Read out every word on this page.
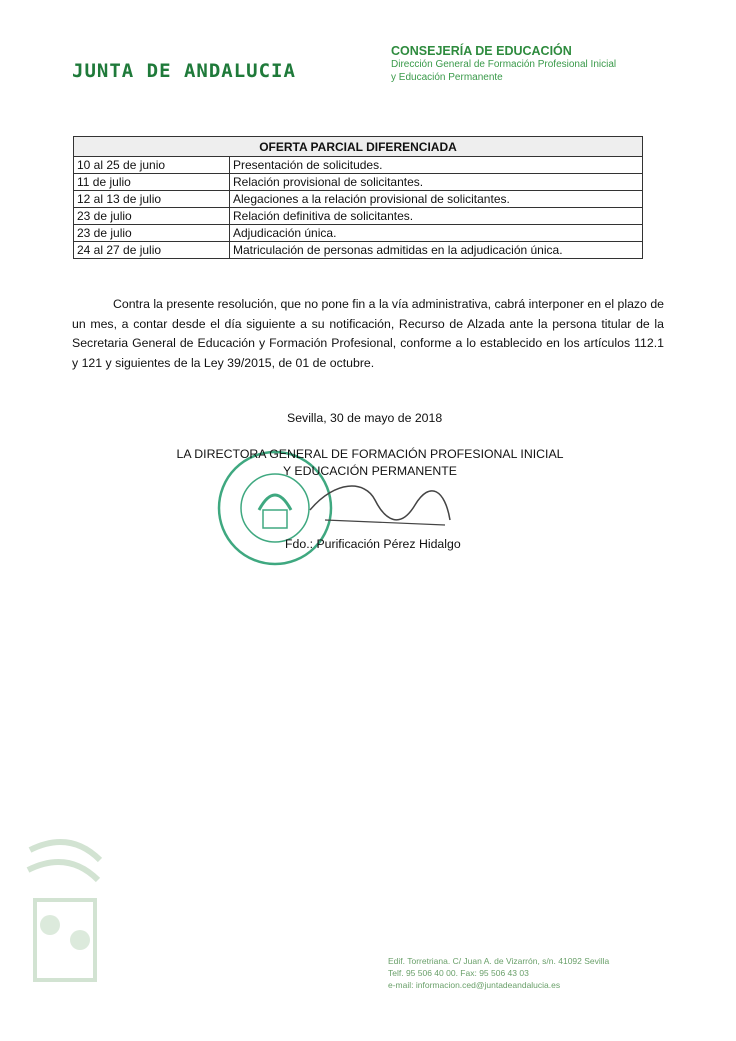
JUNTA DE ANDALUCIA
CONSEJERÍA DE EDUCACIÓN
Dirección General de Formación Profesional Inicial
y Educación Permanente
OFERTA PARCIAL DIFERENCIADA	
10 al 25 de junio	Presentación de solicitudes.
11 de julio	Relación provisional de solicitantes.
12 al 13 de julio	Alegaciones a la relación provisional de solicitantes.
23 de julio	Relación definitiva de solicitantes.
23 de julio	Adjudicación única.
24 al 27 de julio	Matriculación de personas admitidas en la adjudicación única.
Contra la presente resolución, que no pone fin a la vía administrativa, cabrá interponer en el plazo de un mes, a contar desde el día siguiente a su notificación, Recurso de Alzada ante la persona titular de la Secretaria General de Educación y Formación Profesional, conforme a lo establecido en los artículos 112.1 y 121 y siguientes de la Ley 39/2015, de 01 de octubre.
Sevilla, 30 de mayo de 2018
LA DIRECTORA GENERAL DE FORMACIÓN PROFESIONAL INICIAL
Y EDUCACIÓN PERMANENTE
Fdo.: Purificación Pérez Hidalgo
Edif. Torretriana. C/ Juan A. de Vizarrón, s/n. 41092 Sevilla
Telf. 95 506 40 00. Fax: 95 506 43 03
e-mail: informacion.ced@juntadeandalucia.es
